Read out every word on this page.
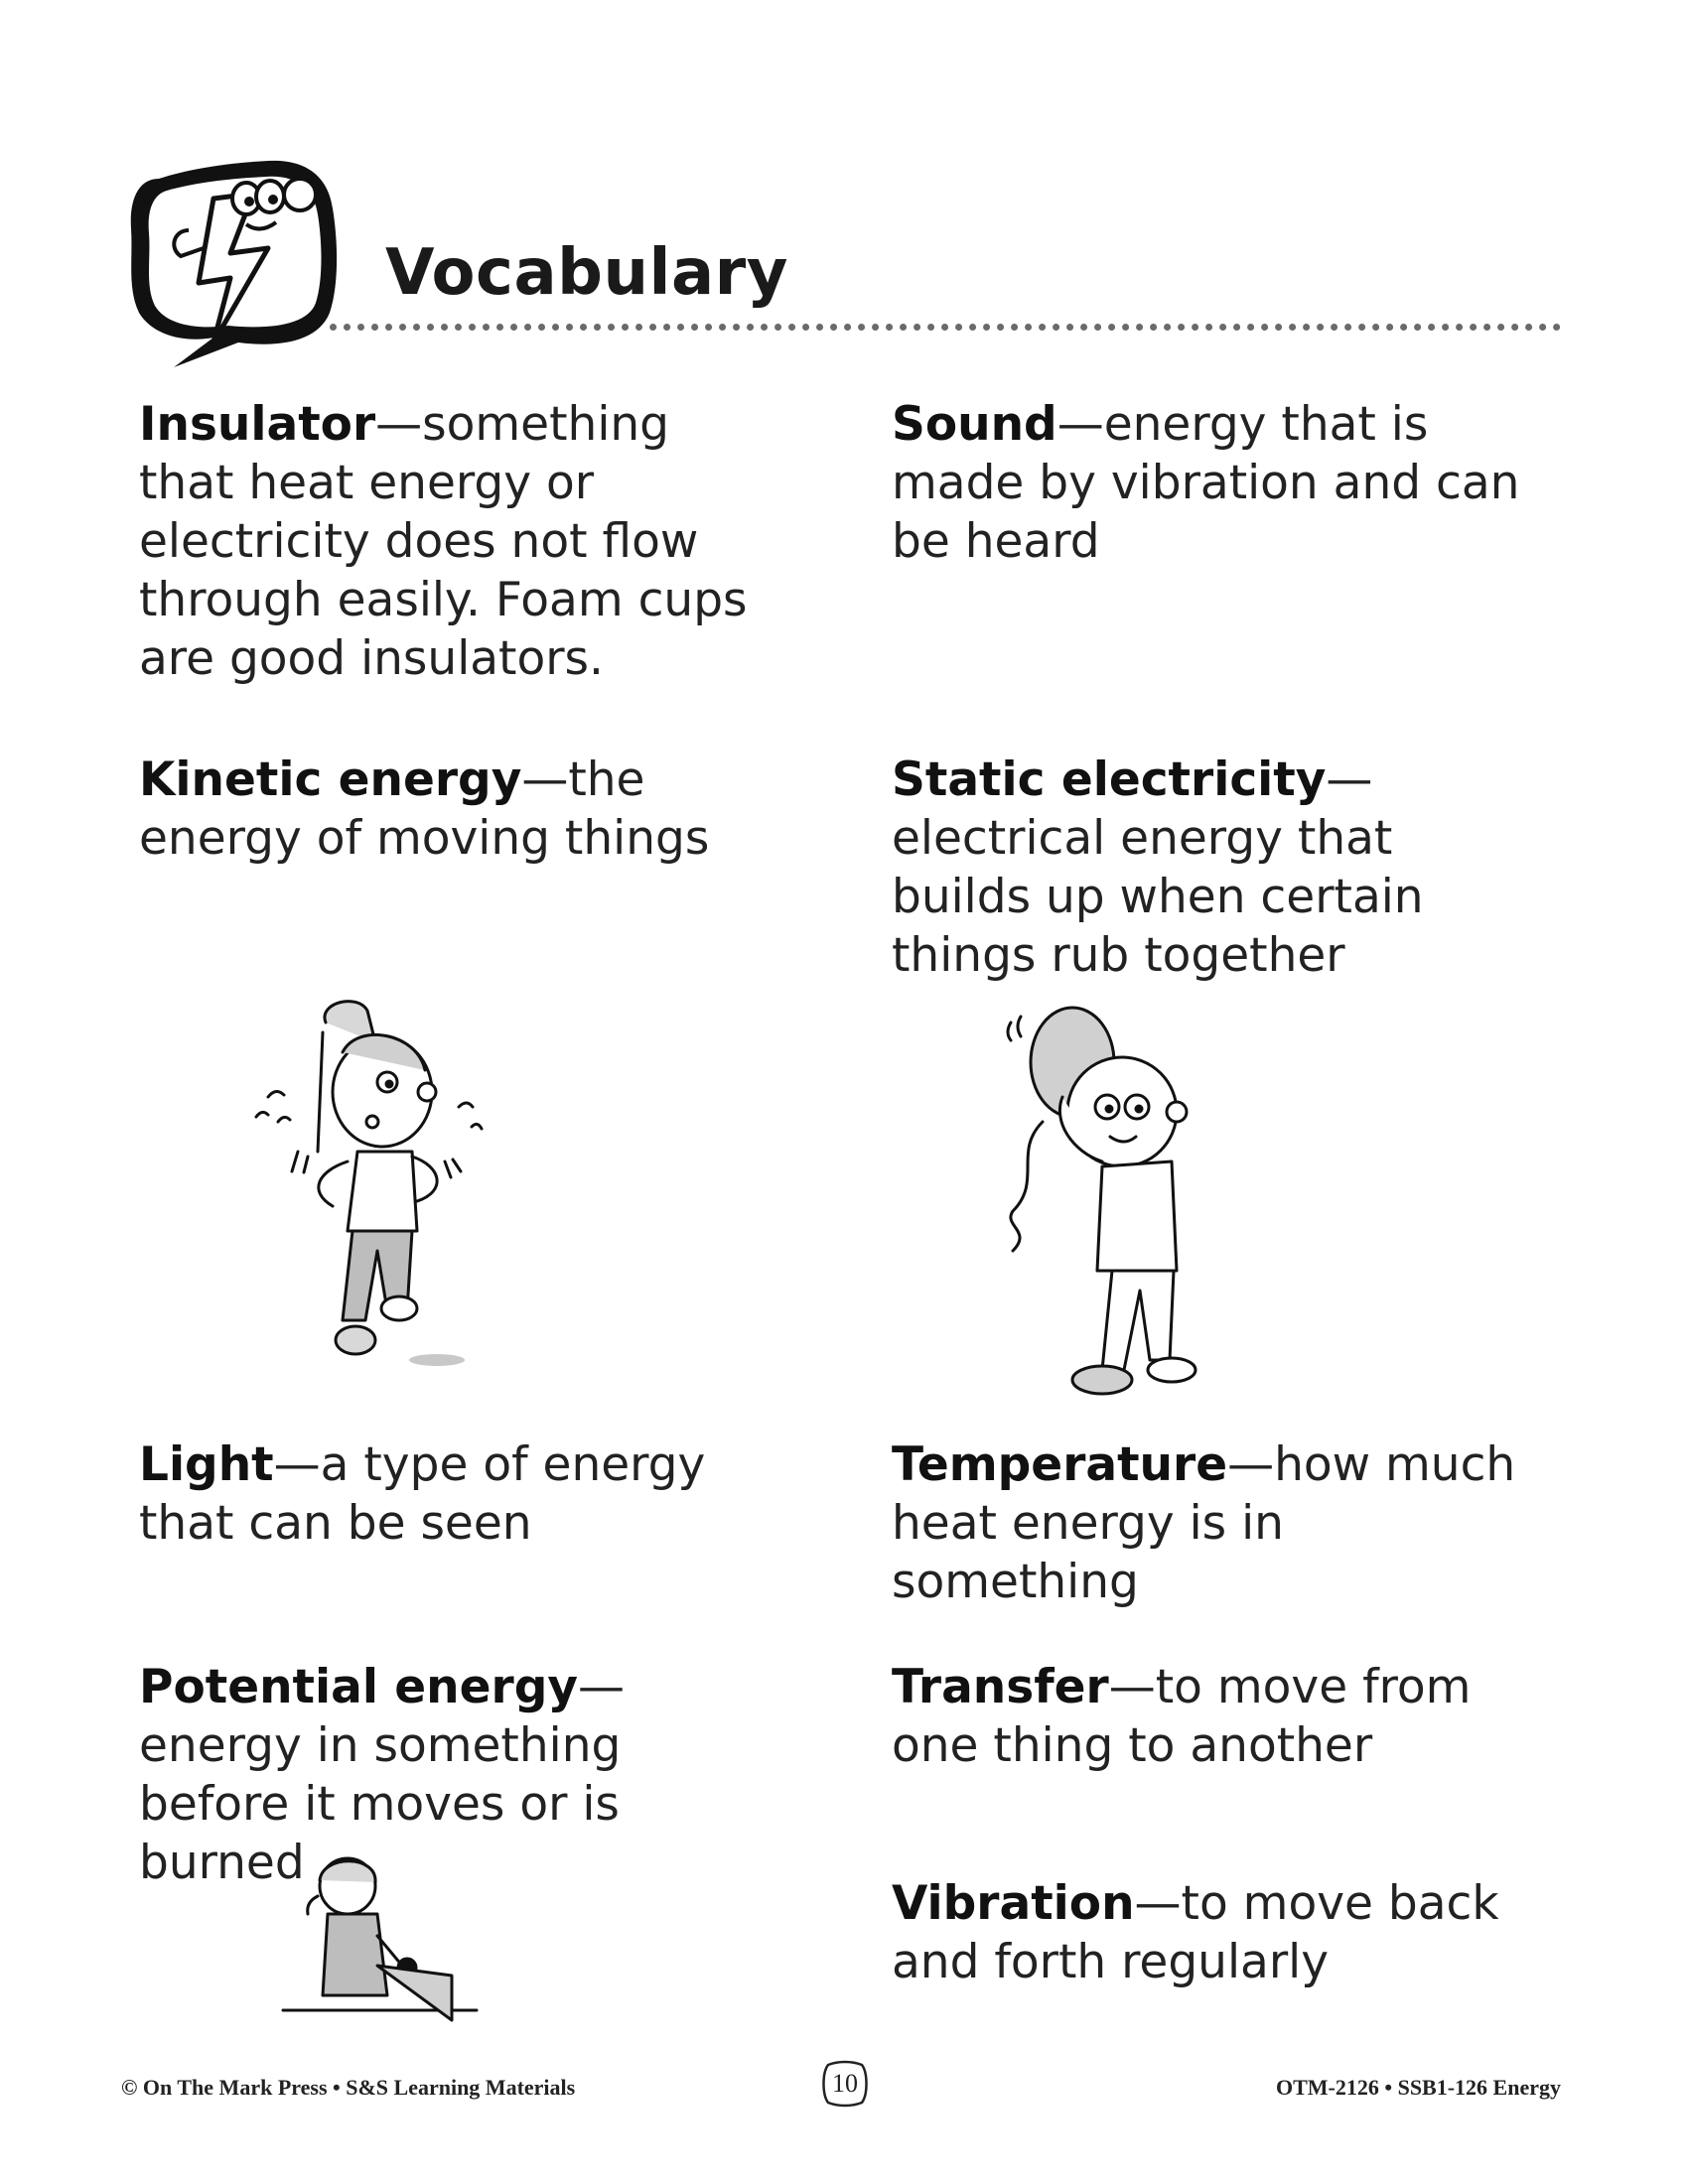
Vocabulary
Insulator—something that heat energy or electricity does not flow through easily. Foam cups are good insulators.
Kinetic energy—the energy of moving things
Light—a type of energy that can be seen
Potential energy—energy in something before it moves or is burned
Sound—energy that is made by vibration and can be heard
Static electricity—electrical energy that builds up when certain things rub together
Temperature—how much heat energy is in something
Transfer—to move from one thing to another
Vibration—to move back and forth regularly
© On The Mark Press • S&S Learning Materials	10	OTM-2126 • SSB1-126 Energy
